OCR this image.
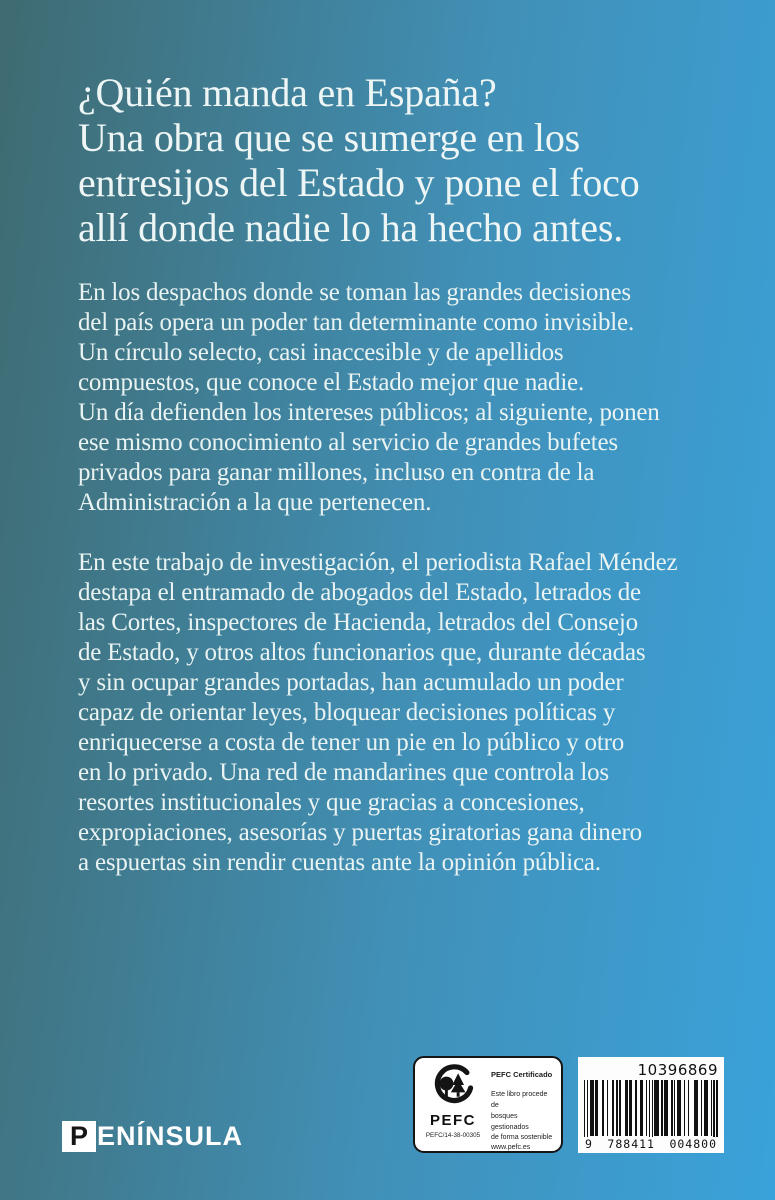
¿Quién manda en España?
Una obra que se sumerge en los
entresijos del Estado y pone el foco
allí donde nadie lo ha hecho antes.
En los despachos donde se toman las grandes decisiones
del país opera un poder tan determinante como invisible.
Un círculo selecto, casi inaccesible y de apellidos
compuestos, que conoce el Estado mejor que nadie.
Un día defienden los intereses públicos; al siguiente, ponen
ese mismo conocimiento al servicio de grandes bufetes
privados para ganar millones, incluso en contra de la
Administración a la que pertenecen.
En este trabajo de investigación, el periodista Rafael Méndez
destapa el entramado de abogados del Estado, letrados de
las Cortes, inspectores de Hacienda, letrados del Consejo
de Estado, y otros altos funcionarios que, durante décadas
y sin ocupar grandes portadas, han acumulado un poder
capaz de orientar leyes, bloquear decisiones políticas y
enriquecerse a costa de tener un pie en lo público y otro
en lo privado. Una red de mandarines que controla los
resortes institucionales y que gracias a concesiones,
expropiaciones, asesorías y puertas giratorias gana dinero
a espuertas sin rendir cuentas ante la opinión pública.
P ENÍNSULA
PEFC
PEFC/14-38-00305
PEFC Certificado
Este libro procede de
bosques gestionados
de forma sostenible
www.pefc.es
10396869
9 788411 004800
